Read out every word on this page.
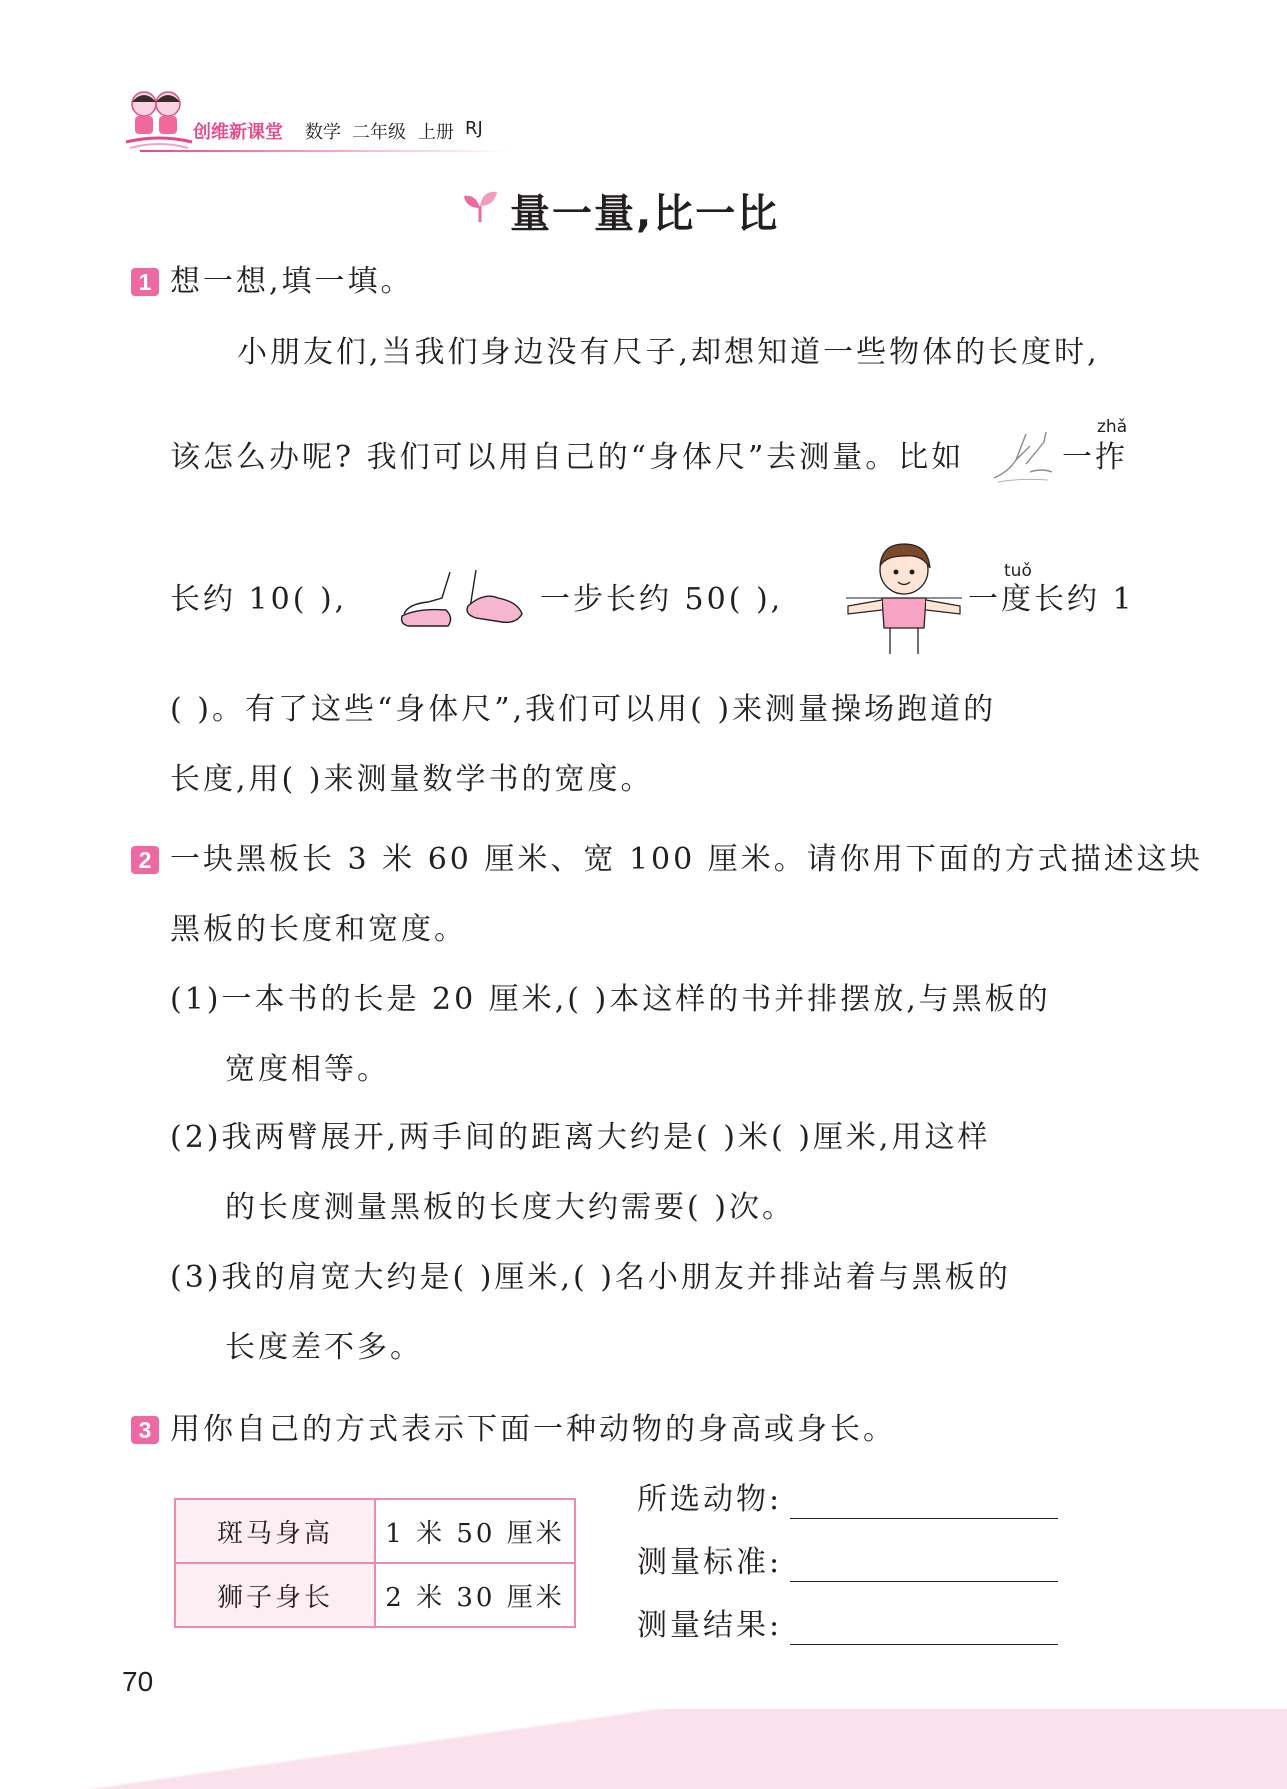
创维新课堂 数学 二年级 上册 RJ
量一量,比一比
1 想一想,填一填。
小朋友们,当我们身边没有尺子,却想知道一些物体的长度时,
该怎么办呢? 我们可以用自己的“身体尺”去测量。比如
zhǎ
一拃
长约 10( ),	一步长约 50( ),
tuǒ
一度长约 1
( )。有了这些“身体尺”,我们可以用( )来测量操场跑道的
长度,用( )来测量数学书的宽度。
2 一块黑板长 3 米 60 厘米、宽 100 厘米。请你用下面的方式描述这块
黑板的长度和宽度。
(1)一本书的长是 20 厘米,( )本这样的书并排摆放,与黑板的
宽度相等。
(2)我两臂展开,两手间的距离大约是( )米( )厘米,用这样
的长度测量黑板的长度大约需要( )次。
(3)我的肩宽大约是( )厘米,( )名小朋友并排站着与黑板的
长度差不多。
3 用你自己的方式表示下面一种动物的身高或身长。
斑马身高	1 米 50 厘米
狮子身长	2 米 30 厘米
所选动物:
测量标准:
测量结果:
70
